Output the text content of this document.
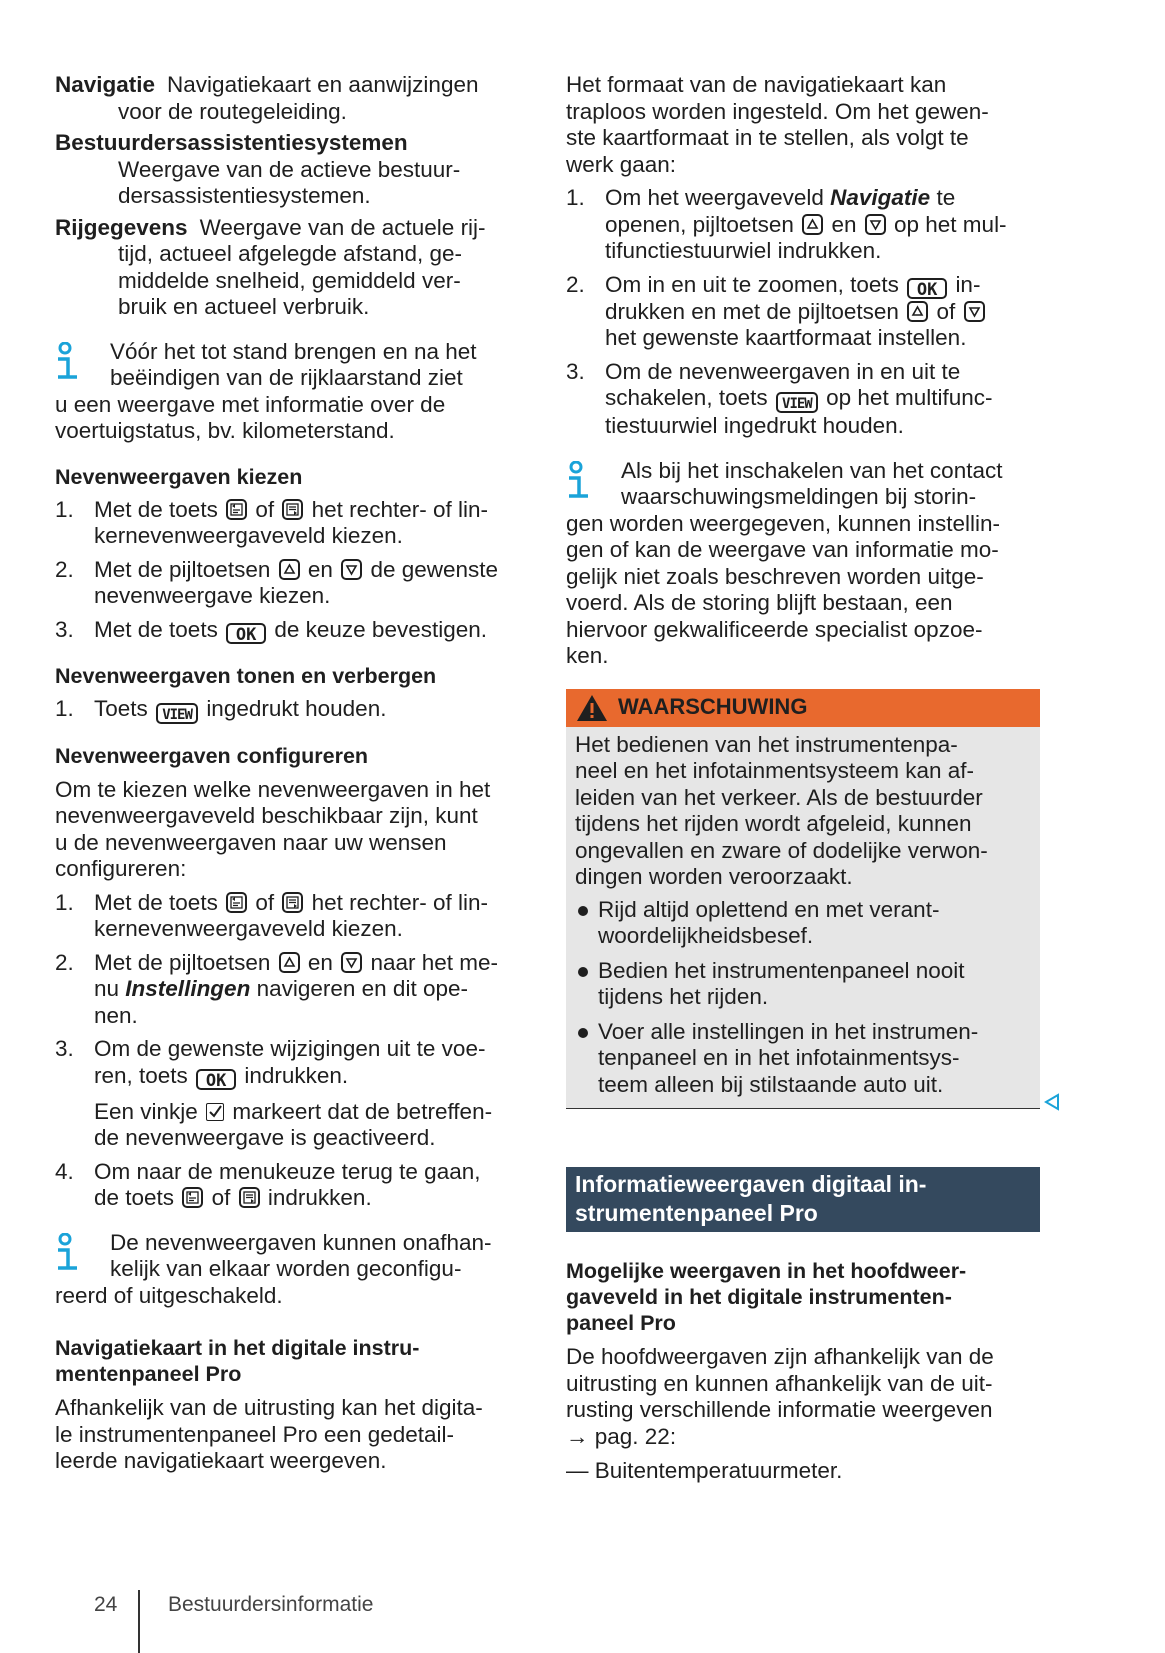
Navigatie Navigatiekaart en aanwijzingen
voor de routegeleiding.
Bestuurdersassistentiesystemen
Weergave van de actieve bestuur-
dersassistentiesystemen.
Rijgegevens Weergave van de actuele rij-
tijd, actueel afgelegde afstand, ge-
middelde snelheid, gemiddeld ver-
bruik en actueel verbruik.
Vóór het tot stand brengen en na het
beëindigen van de rijklaarstand ziet
u een weergave met informatie over de
voertuigstatus, bv. kilometerstand.
Nevenweergaven kiezen
1. Met de toets of het rechter- of lin-
kernevenweergaveveld kiezen.
2. Met de pijltoetsen en de gewenste
nevenweergave kiezen.
3. Met de toets OK de keuze bevestigen.
Nevenweergaven tonen en verbergen
1. Toets VIEW ingedrukt houden.
Nevenweergaven configureren

Om te kiezen welke nevenweergaven in het
nevenweergaveveld beschikbaar zijn, kunt
u de nevenweergaven naar uw wensen
configureren:

1. Met de toets of het rechter- of lin-
kernevenweergaveveld kiezen.
2. Met de pijltoetsen en naar het me-
nu Instellingen navigeren en dit ope-
nen.
3. Om de gewenste wijzigingen uit te voe-
ren, toets OK indrukken.
Een vinkje markeert dat de betreffen-
de nevenweergave is geactiveerd.
4. Om naar de menukeuze terug te gaan,
de toets of indrukken.
De nevenweergaven kunnen onafhan-
kelijk van elkaar worden geconfigu-
reerd of uitgeschakeld.
Navigatiekaart in het digitale instru-
mentenpaneel Pro

Afhankelijk van de uitrusting kan het digita-
le instrumentenpaneel Pro een gedetail-
leerde navigatiekaart weergeven.

Het formaat van de navigatiekaart kan
traploos worden ingesteld. Om het gewen-
ste kaartformaat in te stellen, als volgt te
werk gaan:

1. Om het weergaveveld Navigatie te
openen, pijltoetsen en op het mul-
tifunctiestuurwiel indrukken.
2. Om in en uit te zoomen, toets OK in-
drukken en met de pijltoetsen of

het gewenste kaartformaat instellen.
3. Om de nevenweergaven in en uit te
schakelen, toets VIEW op het multifunc-
tiestuurwiel ingedrukt houden.
Als bij het inschakelen van het contact
waarschuwingsmeldingen bij storin-
gen worden weergegeven, kunnen instellin-
gen of kan de weergave van informatie mo-
gelijk niet zoals beschreven worden uitge-
voerd. Als de storing blijft bestaan, een
hiervoor gekwalificeerde specialist opzoe-
ken.
WAARSCHUWING

Het bedienen van het instrumentenpa-
neel en het infotainmentsysteem kan af-
leiden van het verkeer. Als de bestuurder
tijdens het rijden wordt afgeleid, kunnen
ongevallen en zware of dodelijke verwon-
dingen worden veroorzaakt.

Rijd altijd oplettend en met verant-
woordelijkheidsbesef.
Bedien het instrumentenpaneel nooit
tijdens het rijden.
Voer alle instellingen in het instrumen-
tenpaneel en in het infotainmentsys-
teem alleen bij stilstaande auto uit.
Informatieweergaven digitaal in-
strumentenpaneel Pro
Mogelijke weergaven in het hoofdweer-
gaveveld in het digitale instrumenten-
paneel Pro

De hoofdweergaven zijn afhankelijk van de
uitrusting en kunnen afhankelijk van de uit-
rusting verschillende informatie weergeven
→ pag. 22:

— Buitentemperatuurmeter.

24 Bestuurdersinformatie
